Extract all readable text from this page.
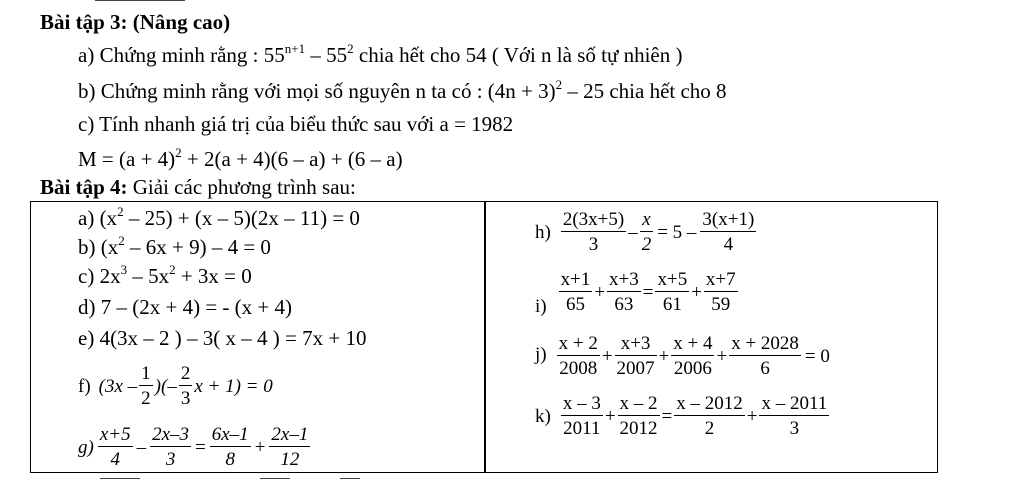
Bài tập 3: (Nâng cao)
a) Chứng minh rằng : $55^{n+1} - 55^2$ chia hết cho 54 ( Với n là số tự nhiên )
b) Chứng minh rằng với mọi số nguyên n ta có : $(4n + 3)^2 - 25$ chia hết cho 8
c) Tính nhanh giá trị của biểu thức sau với a = 1982
$M = (a + 4)^2 + 2(a + 4)(6 - a) + (6 - a)$
Bài tập 4: Giải các phương trình sau:
a) $(x^2 - 25) + (x - 5)(2x - 11) = 0$
b) $(x^2 - 6x + 9) - 4 = 0$
c) $2x^3 - 5x^2 + 3x = 0$
d) 7 – (2x + 4) = - (x + 4)
e) 4(3x – 2 ) – 3( x – 4 ) = 7x + 10
f) ($3x - \frac{1}{2}$ )(– $\frac{2}{3}$ x + 1) = 0
$g) \frac{x+5}{4} - \frac{2x-3}{3} = \frac{6x-1}{8} + \frac{2x-1}{12}$
$h) \frac{2(3x+5)}{3} - \frac{x}{2} = 5 - \frac{3(x+1)}{4}$
$i) \frac{x+1}{65} + \frac{x+3}{63} = \frac{x+5}{61} + \frac{x+7}{59}$
$j) \frac{x + 2}{2008} + \frac{x+3}{2007} + \frac{x + 4}{2006} + \frac{x + 2028}{6} = 0$
$k) \frac{x - 3}{2011} + \frac{x - 2}{2012} = \frac{x - 2012}{2} + \frac{x - 2011}{3}$
